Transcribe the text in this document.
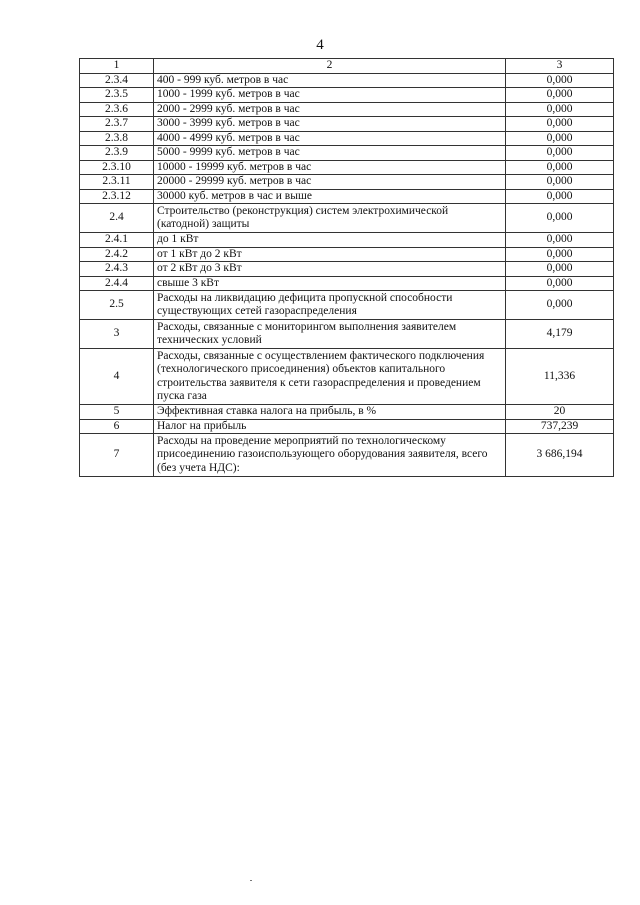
4
1	2	3
2.3.4	400 - 999 куб. метров в час	0,000
2.3.5	1000 - 1999 куб. метров в час	0,000
2.3.6	2000 - 2999 куб. метров в час	0,000
2.3.7	3000 - 3999 куб. метров в час	0,000
2.3.8	4000 - 4999 куб. метров в час	0,000
2.3.9	5000 - 9999 куб. метров в час	0,000
2.3.10	10000 - 19999 куб. метров в час	0,000
2.3.11	20000 - 29999 куб. метров в час	0,000
2.3.12	30000 куб. метров в час и выше	0,000
2.4	Строительство (реконструкция) систем электрохимической (катодной) защиты	0,000
2.4.1	до 1 кВт	0,000
2.4.2	от 1 кВт до 2 кВт	0,000
2.4.3	от 2 кВт до 3 кВт	0,000
2.4.4	свыше 3 кВт	0,000
2.5	Расходы на ликвидацию дефицита пропускной способности существующих сетей газораспределения	0,000
3	Расходы, связанные с мониторингом выполнения заявителем технических условий	4,179
4	Расходы, связанные с осуществлением фактического подключения (технологического присоединения) объектов капитального строительства заявителя к сети газораспределения и проведением пуска газа	11,336
5	Эффективная ставка налога на прибыль, в %	20
6	Налог на прибыль	737,239
7	Расходы на проведение мероприятий по технологическому присоединению газоиспользующего оборудования заявителя, всего (без учета НДС):	3 686,194
